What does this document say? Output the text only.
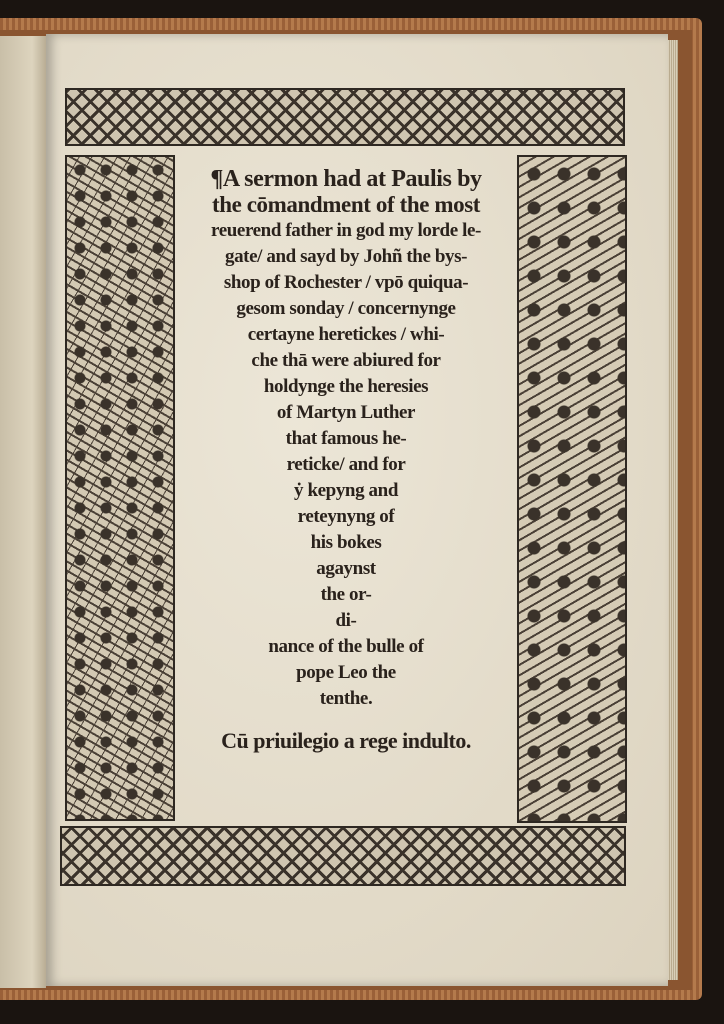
¶A sermon had at Paulis by
the cōmandment of the most
reuerend father in god my lorde le-
gate/ and sayd by Johñ the bys-
shop of Rochester / vpō quiqua-
gesom sonday / concernynge
certayne heretickes / whi-
che thā were abiured for
holdynge the heresies
of Martyn Luther
that famous he-
reticke/ and for
ẏ kepyng and
reteynyng of
his bokes
agaynst
the or-
di-
nance of the bulle of
pope Leo the
tenthe.
Cū priuilegio a rege indulto.
